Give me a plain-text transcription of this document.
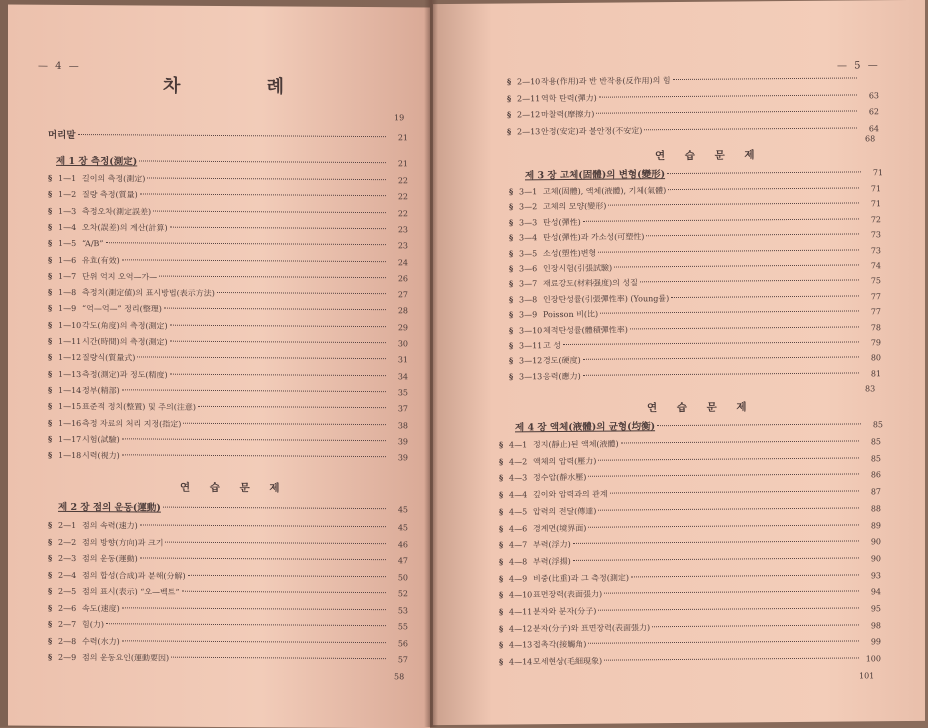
— 4 —
차 례
19
머리말	21
제 1 장 측정(測定)	21
§ 1—1 길이의 측정(測定)	22
§ 1—2 질량 측정(質量)	22
§ 1—3 측정오차(測定誤差)	22
§ 1—4 오차(誤差)의 계산(計算)	23
§ 1—5 “A/B”	23
§ 1—6 유효(有效)	24
§ 1—7 단위 억지 오억—가—	26
§ 1—8 측정치(測定値)의 표시방법(表示方法)	27
§ 1—9 “억—억—” 정리(整理)	28
§ 1—10 각도(角度)의 측정(測定)	29
§ 1—11 시간(時間)의 측정(測定)	30
§ 1—12 질량식(質量式)	31
§ 1—13 측정(測定)과 정도(精度)	34
§ 1—14 정부(精部)	35
§ 1—15 표준적 정치(整置) 및 주의(注意)	37
§ 1—16 측정 자료의 처리 지정(指定)	38
§ 1—17 시험(試驗)	39
§ 1—18 시력(視力)	39
연 습 문 제
제 2 장 점의 운동(運動)	45
§ 2—1 점의 속력(速力)	45
§ 2—2 점의 방향(方向)과 크기	46
§ 2—3 점의 운동(運動)	47
§ 2—4 점의 합성(合成)과 분해(分解)	50
§ 2—5 점의 표시(表示) “오—벡트”	52
§ 2—6 속도(速度)	53
§ 2—7 힘(力)	55
§ 2—8 수력(水力)	56
§ 2—9 점의 운동요인(運動要因)	57
58
— 5 —
§ 2—10 작용(作用)과 반 반작용(反作用)의 힘
§ 2—11 역학 탄력(彈力)	63
§ 2—12 마찰력(摩擦力)	62
§ 2—13 안정(安定)과 불안정(不安定)	64
68
연 습 문 제
제 3 장 고체(固體)의 변형(變形)	71
§ 3—1 고체(固體), 액체(液體), 기체(氣體)	71
§ 3—2 고체의 모양(變形)	71
§ 3—3 탄성(彈性)	72
§ 3—4 탄성(彈性)과 가소성(可塑性)	73
§ 3—5 소성(塑性)변형	73
§ 3—6 인장시험(引張試驗)	74
§ 3—7 재료강도(材料强度)의 성질	75
§ 3—8 인장탄성률(引張彈性率) (Young률)	77
§ 3—9 Poisson 비(比)	77
§ 3—10 체적탄성률(體積彈性率)	78
§ 3—11 고 성	79
§ 3—12 경도(硬度)	80
§ 3—13 응력(應力)	81
83
연 습 문 제
제 4 장 액체(液體)의 균형(均衡)	85
§ 4—1 정지(靜止)된 액체(液體)	85
§ 4—2 액체의 압력(壓力)	85
§ 4—3 정수압(靜水壓)	86
§ 4—4 깊이와 압력과의 관계	87
§ 4—5 압력의 전달(傳達)	88
§ 4—6 경계면(境界面)	89
§ 4—7 부력(浮力)	90
§ 4—8 부력(浮揚)	90
§ 4—9 비중(比重)과 그 측정(測定)	93
§ 4—10 표면장력(表面張力)	94
§ 4—11 분자와 분자(分子)	95
§ 4—12 분자(分子)와 표면장력(表面張力)	98
§ 4—13 접촉각(接觸角)	99
§ 4—14 모세현상(毛細現象)	100
101
